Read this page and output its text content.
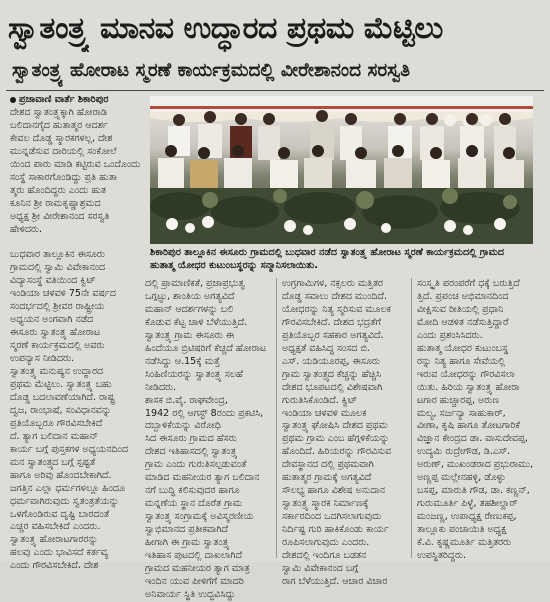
ಸ್ವಾತಂತ್ರ್ಯ ಮಾನವ ಉದ್ಧಾರದ ಪ್ರಥಮ ಮೆಟ್ಟಿಲು
ಸ್ವಾತಂತ್ರ್ಯ ಹೋರಾಟ ಸ್ಮರಣೆ ಕಾರ್ಯಕ್ರಮದಲ್ಲಿ ವೀರೇಶಾನಂದ ಸರಸ್ವತಿ
ಪ್ರಜಾವಾಣಿ ವಾರ್ತೆ ಶಿಕಾರಿಪುರ
ದೇಶದ ಸ್ವಾತಂತ್ರ್ಯಕ್ಕಾಗಿ ಹೋರಾಡಿ
ಬಲಿದಾನಗೈದ ಹುತಾತ್ಮರ ಆದರ್ಶ
ಕೇವಲ ದೊಡ್ಡ ಸ್ಮಾರಕಗಳಲ್ಲ, ದೇಶ
ಮುನ್ನಡೆಸುವ ದಾರಿಯಲ್ಲಿ ಸಂಕೋಲೆ
ಯಿಂದ ಪಾರು ಮಾಡಿ ಕಟ್ಟಿರುವ ಒಂದೊಂದು
ಸಂಸ್ಥೆ ಸಾಕಾರಗೊಂಡಿದ್ದು ಪ್ರತಿ ಹುತಾ
ತ್ಮರು ಹೊಂದಿದ್ದರು ಎಂದು ಹುತ
ಕೂನಿನ ಶ್ರೀ ರಾಮಕೃಷ್ಣಾಶ್ರಮದ
ಅಧ್ಯಕ್ಷ ಶ್ರೀ ವೀರೇಶಾನಂದ ಸರಸ್ವತಿ
ಹೇಳಿದರು.

ಬುಧವಾರ ತಾಲ್ಲೂಕಿನ ಈಸೂರು
ಗ್ರಾಮದಲ್ಲಿ ಸ್ವಾಮಿ ವಿವೇಕಾನಂದ
ವಿದ್ಯಾಸಂಸ್ಥೆ ವತಿಯಿಂದ ಕ್ವಿಟ್
ಇಂಡಿಯಾ ಚಳವಳಿ 75ನೇ ವರ್ಷದ
ಸಂದರ್ಭದಲ್ಲಿ ಶ್ರೀವರ ರಾಷ್ಟ್ರೀಯ
ಅಧ್ಯಯನ ಅಂಗವಾಗಿ ನಡೆದ
ಈಸೂರು ಸ್ವಾತಂತ್ರ್ಯ ಹೋರಾಟ
ಸ್ಮರಣೆ ಕಾರ್ಯಕ್ರಮದಲ್ಲಿ ಅವರು
ಉಪನ್ಯಾಸ ನೀಡಿದರು.
ಸ್ವಾತಂತ್ರ್ಯ ಮನುಷ್ಯನ ಉದ್ಧಾರದ
ಪ್ರಥಮ ಮೆಟ್ಟಿಲು. ಸ್ವಾತಂತ್ರ್ಯ ಬಹು
ದೊಡ್ಡ ಬದಲಾವಣೆಯಾಗಿದೆ. ರಾಷ್ಟ್ರ
ದ್ವಜ, ರಾಂಭಾಷೆ, ಸಂವಿಧಾನವನ್ನು
ಪ್ರತಿಯೊಬ್ಬರೂ ಗೌರವಿಸಬೇಕಿದೆ
ದೆ. ತ್ಯಾಗ ಬಲಿದಾನ ಮಹಾನ್
ಕಾರ್ಯ ಬಗ್ಗೆ ಪುಸ್ತಕಗಳ ಅಧ್ಯಯನದಿಂದ
ಮನ ಸ್ವಾತಂತ್ರ್ಯದ ಬಗ್ಗೆ ಸ್ಪಷ್ಟತೆ
ಹಾಗೂ ಅರಿವು ಹೊಂದಬೇಕಾಗಿದೆ.
ಜಗತ್ತಿನ ಎಲ್ಲಾ ಧರ್ಮಗಳಲ್ಲೂ ಹಿಂದೂ
ಧರ್ಮವಾಗಿರುವುದು ಸ್ವತಂತ್ರತೆಯನ್ನು
ಒಳಗೊಂಡಿರುವ ದೃಷ್ಟಿ ಬಾರದಂತೆ
ಎಚ್ಚರ ವಹಿಸಬೇಕಿದೆ ಎಂದರು.
ಸ್ವಾತಂತ್ರ್ಯ ಹೋರಾಟಗಾರರನ್ನು
ಹಲವು ಎಂದು ಭಾವಿಸದೆ ಕರ್ತವ್ಯ
ಎಂದು ಗೌರವಿಸಬೇಕಿದೆ. ದೇಶ
ಶಿಕಾರಿಪುರ ತಾಲ್ಲೂಕಿನ ಈಸೂರು ಗ್ರಾಮದಲ್ಲಿ ಬುಧವಾರ ನಡೆದ ಸ್ವಾತಂತ್ರ್ಯ ಹೋರಾಟ ಸ್ಮರಣೆ ಕಾರ್ಯಕ್ರಮದಲ್ಲಿ ಗ್ರಾಮದ
ಹುತಾತ್ಮ ಯೋಧರ ಕುಟುಂಬಸ್ಥರನ್ನು ಸನ್ಮಾನಿಸಲಾಯಿತು.
ದಲ್ಲಿ ಪ್ರಾಮಾಣಿಕತೆ, ಪ್ರಜಾಪ್ರಭುತ್ವ
ಒಗ್ಗಟ್ಟು, ಶಾಂತಿಯ ಅಗತ್ಯವಿದೆ
ಮಹಾನ್ ಆದರ್ಶಗಳನ್ನು ಬಲಿ
ಕೊಡುವ ಕೆಟ್ಟ ಚಾಳಿ ಬೆಳೆಯುತ್ತಿದೆ.
ಸ್ವಾತಂತ್ರ್ಯ ಗ್ರಾಮ ಈಸೂರು ಈ
ಹಿಂದೆಯೂ ಬ್ರಿಟಿಷರಿಗೆ ಕೆಚ್ಚದೆ ಹೋರಾಟ
ನಡೆಸಿದ್ದು ಆ.15ಕ್ಕೆ ಮತ್ತೆ
ಸಿಂಹಿಣಿಯರನ್ನು ಸ್ವಾತಂತ್ರ್ಯ ಸಲಹೆ
ನೀಡಿದರು.
ಶಾಸಕ ಬಿ.ವೈ. ರಾಘವೇಂದ್ರ,
1942 ರಲ್ಲಿ ಆಗಸ್ಟ್ 8ರಂದು ಪ್ರಕಟಿಸಿ,
ದಬ್ಬಾಳಿಕೆಯನ್ನು ವಿರೋಧಿ
ಸಿದ ಈಸೂರು ಗ್ರಾಮದ ಹೆಸರು
ದೇಶದ ಇತಿಹಾಸದಲ್ಲಿ ಸ್ವಾತಂತ್ರ್ಯ
ಗ್ರಾಮ ಎಂದು ಗುರುತಿಸಲ್ಪಡುವಂತೆ
ಮಾಡಿದ ಮಹನೀಯರ ತ್ಯಾಗ ಬಲಿದಾನ
ನಗೆ ಬುದ್ಧಿ ಕಲಿಸುವುದರ ಹಾಗೂ
ಮನ್ನಣೆಯ ಸ್ಥಾನ ದೊರೆತ ಗ್ರಾಮ
ಸ್ವಾತಂತ್ರ್ಯ ಸಂಗ್ರಾಮಕ್ಕೆ ಅವಿಸ್ಮರಣೀಯ
ಸ್ವಾಭಿಮಾನದ ಪ್ರತೀಕವಾಗಿದೆ
ಹೀಗಾಗಿ ಈ ಗ್ರಾಮ ಸ್ವಾತಂತ್ರ್ಯ
ಇತಿಹಾಸ ಪುಟದಲ್ಲಿ ದಾಖಲಾಗಿದೆ
ಗ್ರಾಮದ ಮಹನೀಯರ ತ್ಯಾಗ ಮಾತ್ರ
ಇಂದಿನ ಯುವ ಪೀಳಿಗೆಗೆ ಮಾದರಿ
ಅನಿವಾರ್ಯ ಸ್ಥಿತಿ ಉದ್ಭವಿಸಿದ್ದು
ಉಗ್ರಗಾಮಿಗಳ, ನಕ್ಸಲರು ಮತ್ತಿತರ
ದೊಡ್ಡ ಸವಾಲು ದೇಶದ ಮುಂದಿದೆ.
ಯೋಧರನ್ನು ನಿತ್ಯ ಸ್ಮರಿಸುವ ಮೂಲಕ
ಗೌರವಿಸಬೇಕಿದೆ. ದೇಶದ ಭದ್ರತೆಗೆ
ಪ್ರತಿಯೊಬ್ಬರ ಸಹಕಾರ ಅಗತ್ಯವಿದೆ.
ಅಧ್ಯಕ್ಷತೆ ವಹಿಸಿದ್ದ ಸಂಸದ ಬಿ.
ಎಸ್. ಯಡಿಯೂರಪ್ಪ, ಈಸೂರು
ಗ್ರಾಮ ಸ್ವಾತಂತ್ರ್ಯದ ಕೆಚ್ಚನ್ನು ಹೆಚ್ಚಿಸಿ
ದೇಶದ ಭೂಪಟದಲ್ಲಿ ವಿಶೇಷವಾಗಿ
ಗುರುತಿಸಿಕೊಂಡಿದೆ. ಕ್ವಿಟ್
ಇಂಡಿಯಾ ಚಳವಳಿ ಮೂಲಕ
ಸ್ವಾತಂತ್ರ್ಯ ಘೋಷಿಸಿ ದೇಶದ ಪ್ರಥಮ
ಪ್ರಥಮ ಗ್ರಾಮ ಎಂಬ ಹೆಗ್ಗಳಿಕೆಯನ್ನು
ಹೊಂದಿದೆ. ಹಿರಿಯರನ್ನು ಗೌರವಿಸುವ
ದೇವಸ್ಥಾನದ ದಲ್ಲಿ ಪ್ರಥಮವಾಗಿ
ಹುತಾತ್ಮರ ಗ್ರಾಮಕ್ಕೆ ಅಗತ್ಯವಿದೆ
ಸೌಲಭ್ಯ ಹಾಗೂ ವಿಶೇಷ ಅನುದಾನ
ಸ್ವಾತಂತ್ರ್ಯ ಸ್ಮಾರಕ ನಿರ್ಮಾಣಕ್ಕೆ
ಸರ್ಕಾರದಿಂದ ಒದಗಿಸಲಾಗುವುದು
ನಿರ್ದಿಷ್ಟ ಗುರಿ ಹಾಕಿಕೊಂಡು ಕಾರ್ಯ
ರೂಪಿಸಲಾಗುವುದು ಎಂದರು.
ದೇಶದಲ್ಲಿ ಇಂದಿಗೂ ಬಡತನ
ಸ್ವಾಮಿ ವಿವೇಕಾನಂದ ಬಗ್ಗೆ
ರಾಗ ಬೆಳೆಯುತ್ತಿದೆ. ಆಚಾರ ವಿಚಾರ
ಸಂಸ್ಕೃತಿ ಪರಂಪರೆಗೆ ಧಕ್ಕೆ ಬರುತ್ತಿದೆ
ತ್ತಿದೆ. ಪ್ರಪಂಚ ಅಭಿಮಾನದಿಂದ
ವೀಕ್ಷಿಸುವ ರೀತಿಯಲ್ಲಿ ಪ್ರಧಾನಿ
ಮೋದಿ ಆಡಳಿತ ನಡೆಸುತ್ತಿದ್ದಾರೆ
ಎಂದು ಪ್ರಶಂಸಿಸಿದರು.
ಹುತಾತ್ಮ ಯೋಧರ ಕುಟುಂಬಸ್ಥ
ರನ್ನು ನಿತ್ಯ ಹಾಗೂ ಸೇವೆಯಲ್ಲಿ
ಇರುವ ಯೋಧರನ್ನು ಗೌರವಿಸಲಾ
ಯಿತು. ಹಿರಿಯ ಸ್ವಾತಂತ್ರ್ಯ ಹೋರಾ
ಟಗಾರ ಹುಚ್ಚಾರಪ್ಪ, ಅರುಣ
ಮಲ್ಯ, ಸರ್ಜನ್ಯಾ ಸಾಹುಕಾರ್,
ವೀಣಾ, ಕೃಷಿ ಹಾಗೂ ತೋಟಗಾರಿಕೆ
ವಿಜ್ಞಾನ ಕೇಂದ್ರದ ಡಾ. ವಾಸುದೇವಪ್ಪ,
ಉದ್ಯಮಿ ರುದ್ರೇಗೌಡ, ಡಿ.ಎಸ್.
ಅರುಣ್, ಮುಖಂಡರಾದ ಪ್ರಭುರಾಮು,
ಅಣ್ಣಪ್ಪ ಮಲ್ಲೇನಹಳ್ಳಿ, ಡೊಳ್ಳು
ಬಸಪ್ಪ, ಮಾರುತಿ ಗೌಡ, ಡಾ. ಕಣ್ಣನ್,
ಗುರುಮೂರ್ತಿ ಪಿಳ್ಳೆ, ತಹಶೀಲ್ದಾರ್
ಮಂಜಣ್ಣ, ಉಪಾಧ್ಯಕ್ಷ ರೇಣುಕಪ್ಪ,
ತಾಲ್ಲೂಕು ಪಂಚಾಯಿತಿ ಅಧ್ಯಕ್ಷ
ಕೆ.ವಿ. ಕೃಷ್ಣಮೂರ್ತಿ ಮತ್ತಿತರರು
ಉಪಸ್ಥಿತರಿದ್ದರು.
